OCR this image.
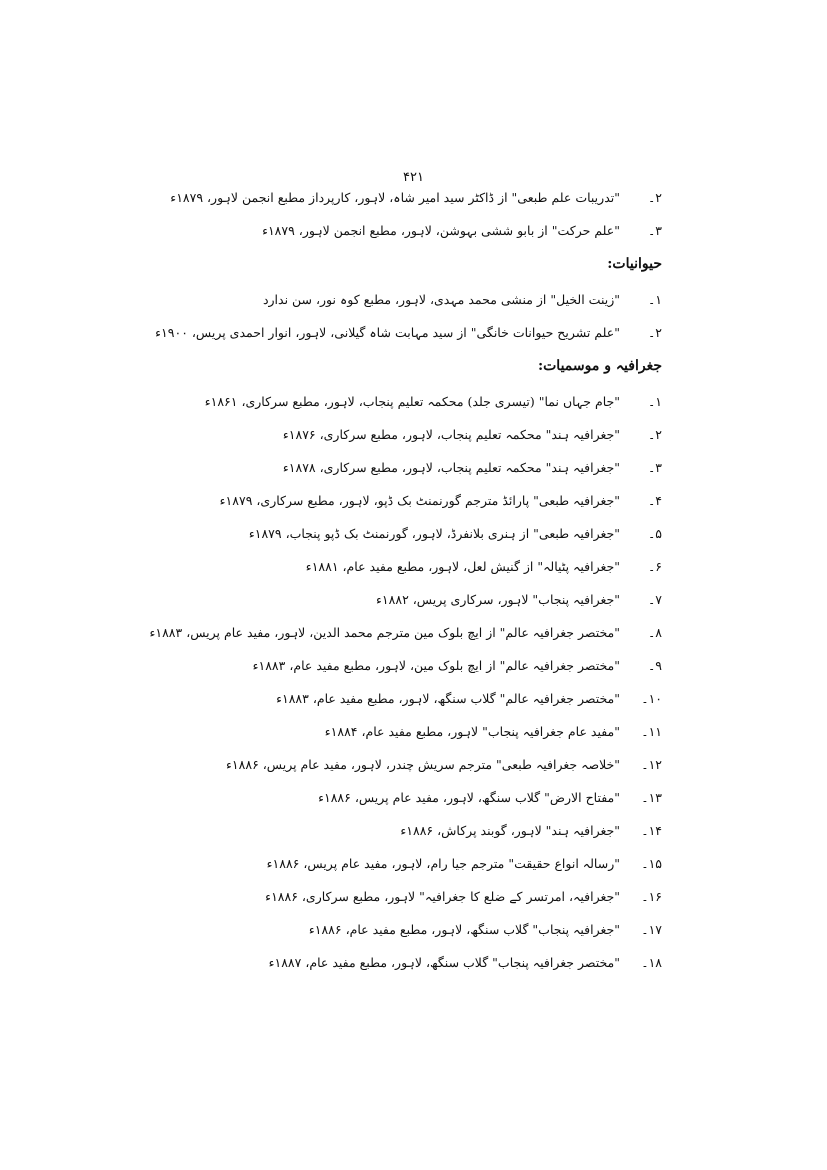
۴۲۱
۲۔
"تدریبات علم طبعی" از ڈاکٹر سید امیر شاہ، لاہور، کارپرداز مطبع انجمن لاہور، ۱۸۷۹ء
۳۔
"علم حرکت" از بابو ششی بہوشن، لاہور، مطبع انجمن لاہور، ۱۸۷۹ء
حیوانیات:
۱۔
"زینت الخیل" از منشی محمد مہدی، لاہور، مطبع کوہ نور، سن ندارد
۲۔
"علم تشریح حیوانات خانگی" از سید مہابت شاہ گیلانی، لاہور، انوار احمدی پریس، ۱۹۰۰ء
جغرافیہ و موسمیات:
۱۔
"جام جہاں نما" (تیسری جلد) محکمہ تعلیم پنجاب، لاہور، مطبع سرکاری، ۱۸۶۱ء
۲۔
"جغرافیہ ہند" محکمہ تعلیم پنجاب، لاہور، مطبع سرکاری، ۱۸۷۶ء
۳۔
"جغرافیہ ہند" محکمہ تعلیم پنجاب، لاہور، مطبع سرکاری، ۱۸۷۸ء
۴۔
"جغرافیہ طبعی" پارائڈ مترجم گورنمنٹ بک ڈپو، لاہور، مطبع سرکاری، ۱۸۷۹ء
۵۔
"جغرافیہ طبعی" از ہنری بلانفرڈ، لاہور، گورنمنٹ بک ڈپو پنجاب، ۱۸۷۹ء
۶۔
"جغرافیہ پٹیالہ" از گنیش لعل، لاہور، مطبع مفید عام، ۱۸۸۱ء
۷۔
"جغرافیہ پنجاب" لاہور، سرکاری پریس، ۱۸۸۲ء
۸۔
"مختصر جغرافیہ عالم" از ایچ بلوک مین مترجم محمد الدین، لاہور، مفید عام پریس، ۱۸۸۳ء
۹۔
"مختصر جغرافیہ عالم" از ایچ بلوک مین، لاہور، مطبع مفید عام، ۱۸۸۳ء
۱۰۔
"مختصر جغرافیہ عالم" گلاب سنگھ، لاہور، مطبع مفید عام، ۱۸۸۳ء
۱۱۔
"مفید عام جغرافیہ پنجاب" لاہور، مطبع مفید عام، ۱۸۸۴ء
۱۲۔
"خلاصہ جغرافیہ طبعی" مترجم سریش چندر، لاہور، مفید عام پریس، ۱۸۸۶ء
۱۳۔
"مفتاح الارض" گلاب سنگھ، لاہور، مفید عام پریس، ۱۸۸۶ء
۱۴۔
"جغرافیہ ہند" لاہور، گوبند پرکاش، ۱۸۸۶ء
۱۵۔
"رسالہ انواع حقیقت" مترجم جیا رام، لاہور، مفید عام پریس، ۱۸۸۶ء
۱۶۔
"جغرافیہ، امرتسر کے ضلع کا جغرافیہ" لاہور، مطبع سرکاری، ۱۸۸۶ء
۱۷۔
"جغرافیہ پنجاب" گلاب سنگھ، لاہور، مطبع مفید عام، ۱۸۸۶ء
۱۸۔
"مختصر جغرافیہ پنجاب" گلاب سنگھ، لاہور، مطبع مفید عام، ۱۸۸۷ء
